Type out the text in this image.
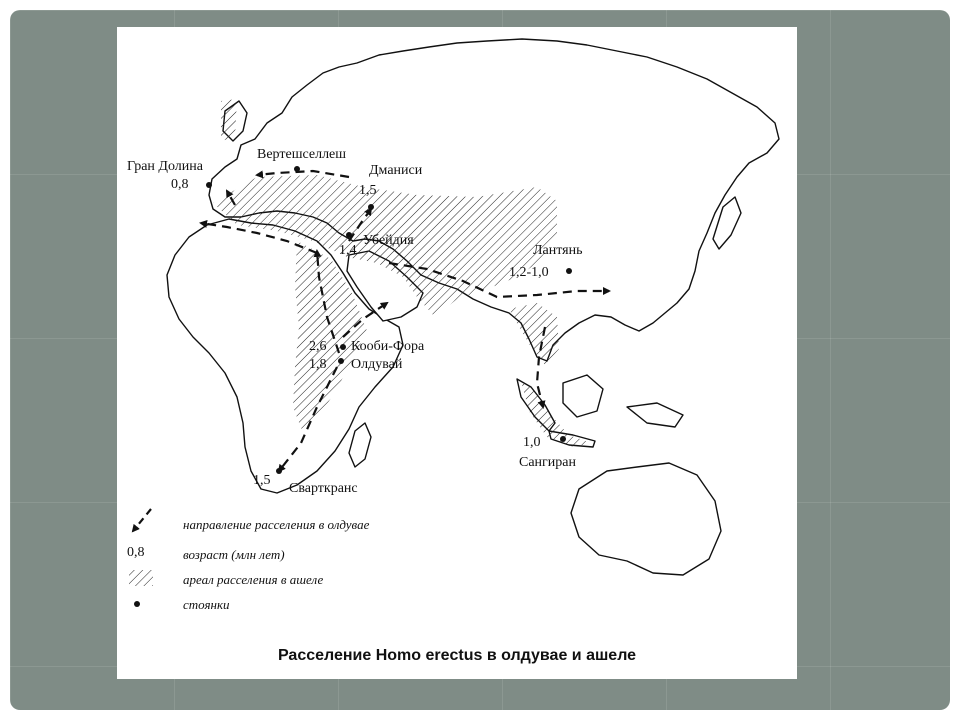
Гран Долина
0,8
Вертешселлеш
Дманиси
1,5
Убейдия
1,4	Лантянь
1,2-1,0
Кооби-Фора
2,6
Олдувай
1,8
Сварткранс
1,5
Сангиран
1,0
направление расселения в олдувае
0,8	возраст (млн лет)
ареал расселения в ашеле
стоянки
Расселение Homo erectus в олдувае и ашеле
